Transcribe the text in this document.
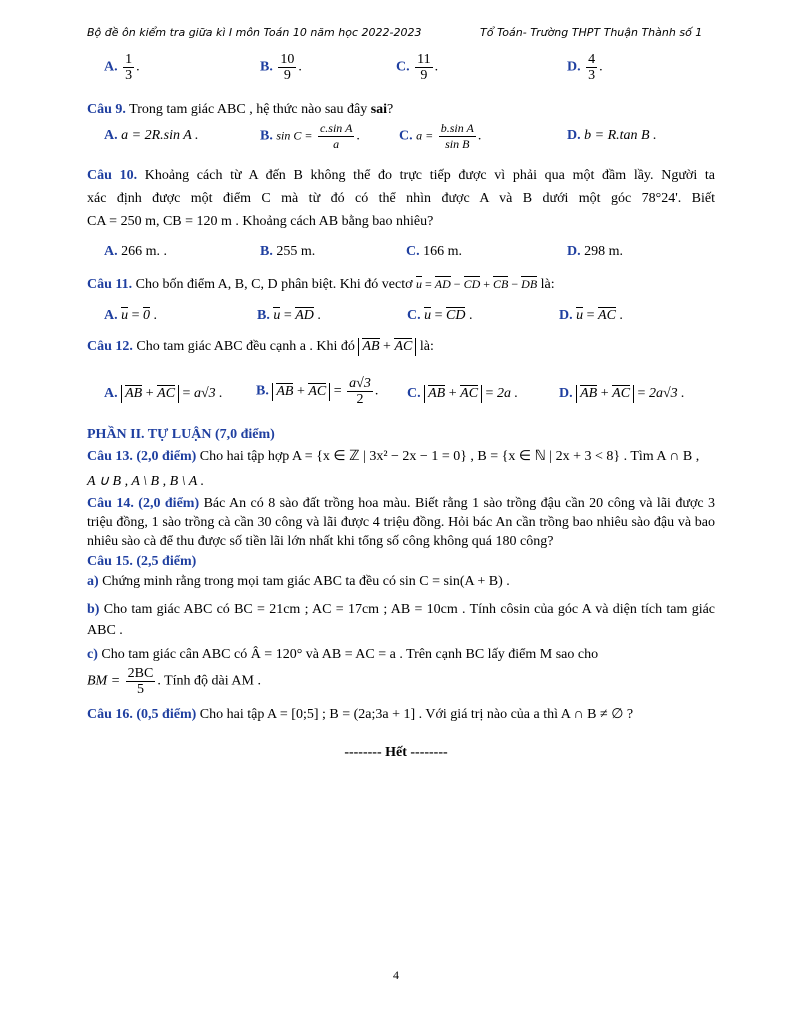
Bộ đề ôn kiểm tra giữa kì I môn Toán 10 năm học 2022-2023	Tổ Toán- Trường THPT Thuận Thành số 1
A. $\frac{1}{3}$ .	B. $\frac{10}{9}$ .	C. $\frac{11}{9}$ .	D. $\frac{4}{3}$ .
Câu 9. Trong tam giác ABC , hệ thức nào sau đây sai?
A. a = 2R.sin A .	B. $\sin C = \frac{\text{c.sin A}}{a}$ .	C. $a = \frac{\text{b.sin A}}{\text{sin B}}$ .	D. b = R.tan B .
Câu 10. Khoảng cách từ A đến B không thể đo trực tiếp được vì phải qua một đầm lầy. Người ta
xác định được một điểm C mà từ đó có thể nhìn được A và B dưới một góc 78°24'. Biết
CA = 250 m, CB = 120 m . Khoảng cách AB bằng bao nhiêu?
A. 266 m. .	B. 255 m.	C. 166 m.	D. 298 m.
Câu 11. Cho bốn điểm A, B, C, D phân biệt. Khi đó vectơ u = AD − CD + CB − DB là:
A. u = 0 .	B. u = AD .	C. u = CD .	D. u = AC .
Câu 12. Cho tam giác ABC đều cạnh a . Khi đó AB + AC là:
A. AB + AC = a√3 . B. AB + AC = $\frac{a√3}{2}$ . C. AB + AC = 2a .	D. AB + AC = 2a√3 .
PHẦN II. TỰ LUẬN (7,0 điểm)
Câu 13. (2,0 điểm) Cho hai tập hợp A = {x ∈ ℤ | 3x² − 2x − 1 = 0} , B = {x ∈ ℕ | 2x + 3 < 8} . Tìm A ∩ B ,
A ∪ B , A \ B , B \ A .
Câu 14. (2,0 điểm) Bác An có 8 sào đất trồng hoa màu. Biết rằng 1 sào trồng đậu cần 20 công và lãi được 3 triệu đồng, 1 sào trồng cà cần 30 công và lãi được 4 triệu đồng. Hỏi bác An cần trồng bao nhiêu sào đậu và bao nhiêu sào cà để thu được số tiền lãi lớn nhất khi tổng số công không quá 180 công?
Câu 15. (2,5 điểm)
a) Chứng minh rằng trong mọi tam giác ABC ta đều có sin C = sin(A + B) .
b) Cho tam giác ABC có BC = 21cm ; AC = 17cm ; AB = 10cm . Tính côsin của góc A và diện tích tam giác ABC .
c) Cho tam giác cân ABC có Â = 120° và AB = AC = a . Trên cạnh BC lấy điểm M sao cho
BM = $\frac{2BC}{5}$ . Tính độ dài AM .
Câu 16. (0,5 điểm) Cho hai tập A = [0;5] ; B = (2a;3a + 1] . Với giá trị nào của a thì A ∩ B ≠ ∅ ?
-------- Hết --------
4
